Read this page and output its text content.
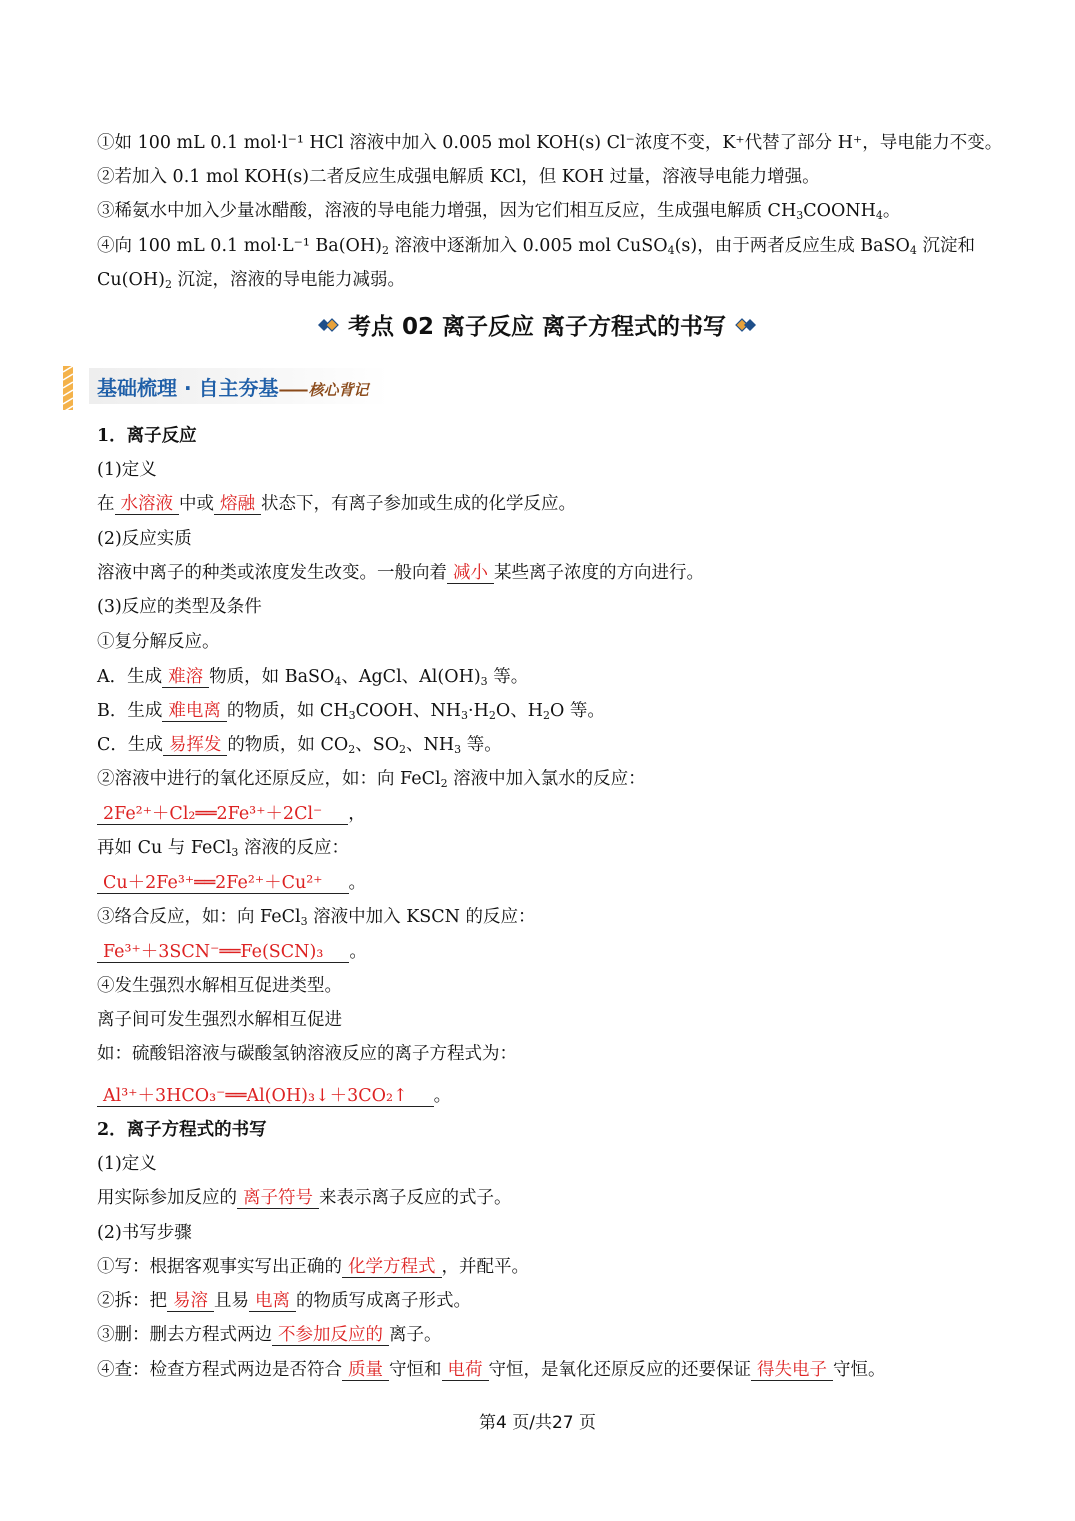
①如 100 mL 0.1 mol·l⁻¹ HCl 溶液中加入 0.005 mol KOH(s) Cl⁻浓度不变，K⁺代替了部分 H⁺，导电能力不变。
②若加入 0.1 mol KOH(s)二者反应生成强电解质 KCl，但 KOH 过量，溶液导电能力增强。
③稀氨水中加入少量冰醋酸，溶液的导电能力增强，因为它们相互反应，生成强电解质 $CH_3COONH_4$。
④向 100 mL 0.1 mol·L⁻¹ $Ba(OH)_2$ 溶液中逐渐加入 0.005 mol CuSO$_4$(s)，由于两者反应生成 BaSO$_4$ 沉淀和
$Cu(OH)_2$ 沉淀，溶液的导电能力减弱。
考点 02 离子反应 离子方程式的书写
基础梳理 · 自主夯基—— 核心背记
1．离子反应
(1)定义
在 水溶液 中或 熔融 状态下，有离子参加或生成的化学反应。
(2)反应实质
溶液中离子的种类或浓度发生改变。一般向着 减小 某些离子浓度的方向进行。
(3)反应的类型及条件
①复分解反应。
A．生成 难溶 物质，如 BaSO$_4$、AgCl、$Al(OH)_3$ 等。
B．生成 难电离 的物质，如 $CH_3COOH$、$NH_3\cdot H_2O$、$H_2O$ 等。
C．生成 易挥发 的物质，如 $CO_2$、$SO_2$、$NH_3$ 等。
②溶液中进行的氧化还原反应，如：向 FeCl$_2$ 溶液中加入氯水的反应：
2Fe²⁺＋Cl₂══2Fe³⁺＋2Cl⁻ ，
再如 Cu 与 FeCl$_3$ 溶液的反应：
Cu＋2Fe³⁺══2Fe²⁺＋Cu²⁺ 。
③络合反应，如：向 FeCl$_3$ 溶液中加入 KSCN 的反应：
Fe³⁺＋3SCN⁻══Fe(SCN)₃ 。
④发生强烈水解相互促进类型。
离子间可发生强烈水解相互促进
如：硫酸铝溶液与碳酸氢钠溶液反应的离子方程式为：
Al³⁺＋3HCO₃⁻══Al(OH)₃↓＋3CO₂↑ 。
2．离子方程式的书写
(1)定义
用实际参加反应的 离子符号 来表示离子反应的式子。
(2)书写步骤
①写：根据客观事实写出正确的 化学方程式 ，并配平。
②拆：把 易溶 且易 电离 的物质写成离子形式。
③删：删去方程式两边 不参加反应的 离子。
④查：检查方程式两边是否符合 质量 守恒和 电荷 守恒，是氧化还原反应的还要保证 得失电子 守恒。
第4 页/共27 页
